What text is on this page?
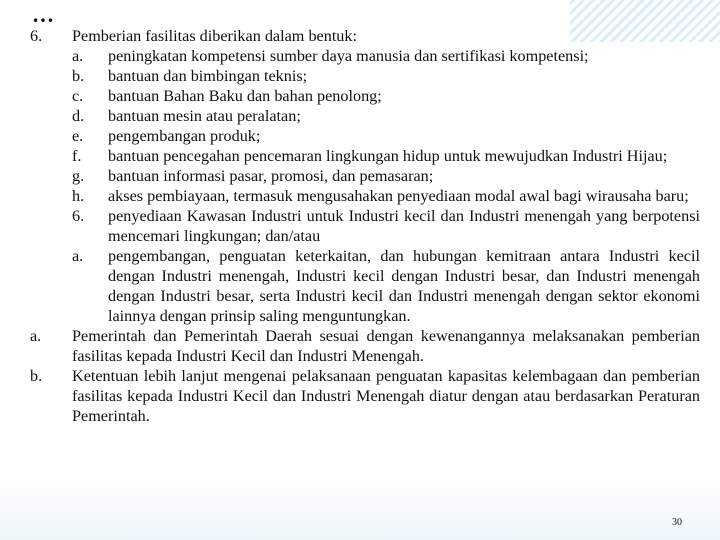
…
6.	Pemberian fasilitas diberikan dalam bentuk:
a.	peningkatan kompetensi sumber daya manusia dan sertifikasi kompetensi;
b.	bantuan dan bimbingan teknis;
c.	bantuan Bahan Baku dan bahan penolong;
d.	bantuan mesin atau peralatan;
e.	pengembangan produk;
f.	bantuan pencegahan pencemaran lingkungan hidup untuk mewujudkan Industri Hijau;
g.	bantuan informasi pasar, promosi, dan pemasaran;
h.	akses pembiayaan, termasuk mengusahakan penyediaan modal awal bagi wirausaha baru;
6.	penyediaan Kawasan Industri untuk Industri kecil dan Industri menengah yang berpotensi mencemari lingkungan; dan/atau
a.	pengembangan, penguatan keterkaitan, dan hubungan kemitraan antara Industri kecil dengan Industri menengah, Industri kecil dengan Industri besar, dan Industri menengah dengan Industri besar, serta Industri kecil dan Industri menengah dengan sektor ekonomi lainnya dengan prinsip saling menguntungkan.
a.	Pemerintah dan Pemerintah Daerah sesuai dengan kewenangannya melaksanakan pemberian fasilitas kepada Industri Kecil dan Industri Menengah.
b.	Ketentuan lebih lanjut mengenai pelaksanaan penguatan kapasitas kelembagaan dan pemberian fasilitas kepada Industri Kecil dan Industri Menengah diatur dengan atau berdasarkan Peraturan Pemerintah.
30
